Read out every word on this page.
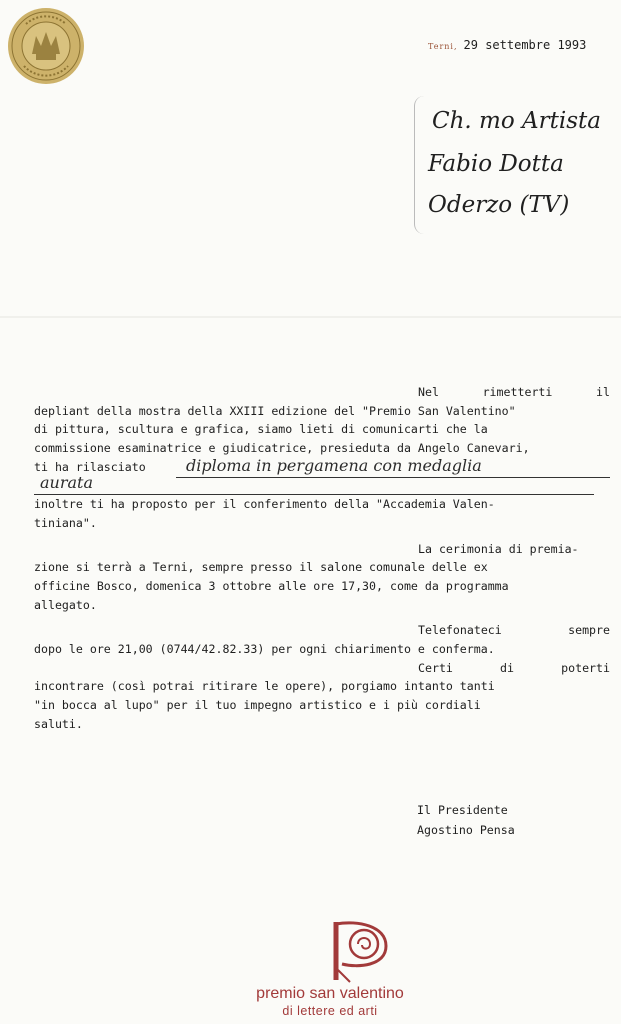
Terni, 29 settembre 1993
Ch. mo Artista
Fabio Dotta
Oderzo (TV)
Nel	rimetterti	il
depliant della mostra della XXIII edizione del "Premio San Valentino"
di pittura, scultura e grafica, siamo lieti di comunicarti che la
commissione esaminatrice e giudicatrice, presieduta da Angelo Canevari,
ti ha rilasciato
inoltre ti ha proposto per il conferimento della "Accademia Valen-
tiniana".
La cerimonia di premia-
zione si terrà a Terni, sempre presso il salone comunale delle ex
officine Bosco, domenica 3 ottobre alle ore 17,30, come da programma
allegato.
Telefonateci	sempre
dopo le ore 21,00 (0744/42.82.33) per ogni chiarimento e conferma.
Certi	di	poterti
incontrare (così potrai ritirare le opere), porgiamo intanto tanti
"in bocca al lupo" per il tuo impegno artistico e i più cordiali
saluti.
diploma in pergamena con medaglia
aurata
Il Presidente
Agostino Pensa
premio san valentino
di lettere ed arti
